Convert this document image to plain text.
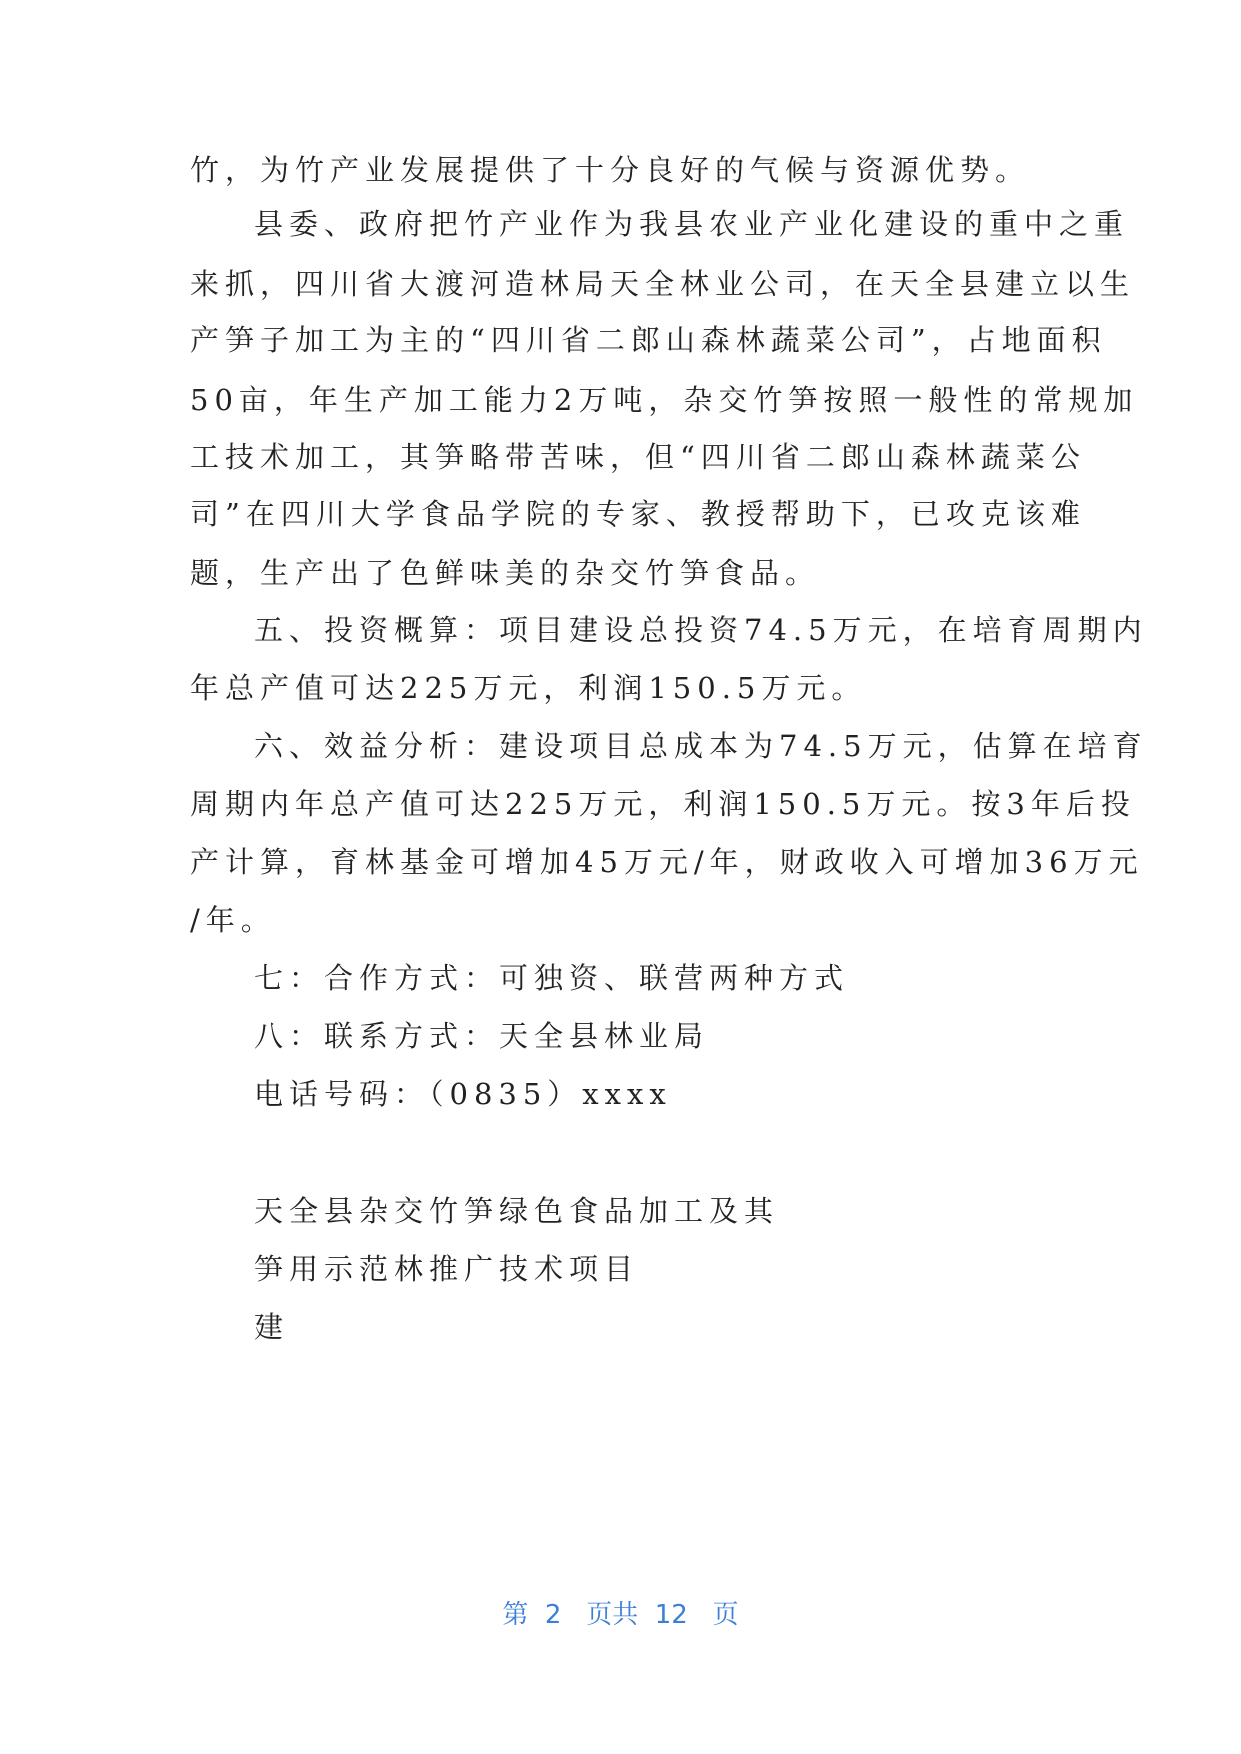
竹，为竹产业发展提供了十分良好的气候与资源优势。
县委、政府把竹产业作为我县农业产业化建设的重中之重
来抓，四川省大渡河造林局天全林业公司，在天全县建立以生
产笋子加工为主的“四川省二郎山森林蔬菜公司”，占地面积
50亩，年生产加工能力2万吨，杂交竹笋按照一般性的常规加
工技术加工，其笋略带苦味，但“四川省二郎山森林蔬菜公
司”在四川大学食品学院的专家、教授帮助下，已攻克该难
题，生产出了色鲜味美的杂交竹笋食品。
五、投资概算：项目建设总投资74.5万元，在培育周期内
年总产值可达225万元，利润150.5万元。
六、效益分析：建设项目总成本为74.5万元，估算在培育
周期内年总产值可达225万元，利润150.5万元。按3年后投
产计算，育林基金可增加45万元/年，财政收入可增加36万元
/年。
七：合作方式：可独资、联营两种方式
八：联系方式：天全县林业局
电话号码：（0835）xxxx
天全县杂交竹笋绿色食品加工及其
笋用示范林推广技术项目
建
第  2   页共  12   页
